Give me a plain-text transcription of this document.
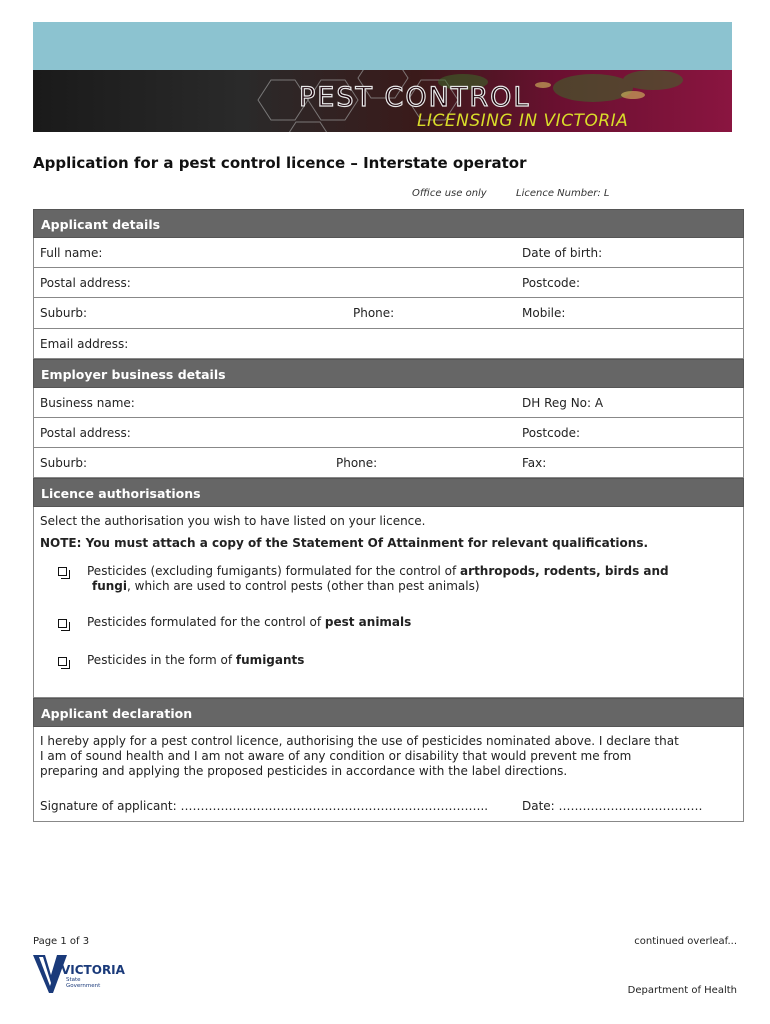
PEST CONTROL
LICENSING IN VICTORIA
Application for a pest control licence – Interstate operator
Office use only	Licence Number: L
Applicant details
Full name:	Date of birth:
Postal address:	Postcode:
Suburb:	Phone:	Mobile:
Email address:
Employer business details
Business name:	DH Reg No: A
Postal address:	Postcode:
Suburb:	Phone:	Fax:
Licence authorisations
Select the authorisation you wish to have listed on your licence.
NOTE: You must attach a copy of the Statement Of Attainment for relevant qualifications.
Pesticides (excluding fumigants) formulated for the control of arthropods, rodents, birds and
fungi, which are used to control pests (other than pest animals)
Pesticides formulated for the control of pest animals
Pesticides in the form of fumigants
Applicant declaration
I hereby apply for a pest control licence, authorising the use of pesticides nominated above. I declare that
I am of sound health and I am not aware of any condition or disability that would prevent me from
preparing and applying the proposed pesticides in accordance with the label directions.
Signature of applicant: …………………………………………………………………..	Date: ………………………………
Page 1 of 3	continued overleaf...
VICTORIA
State
Government	Department of Health
